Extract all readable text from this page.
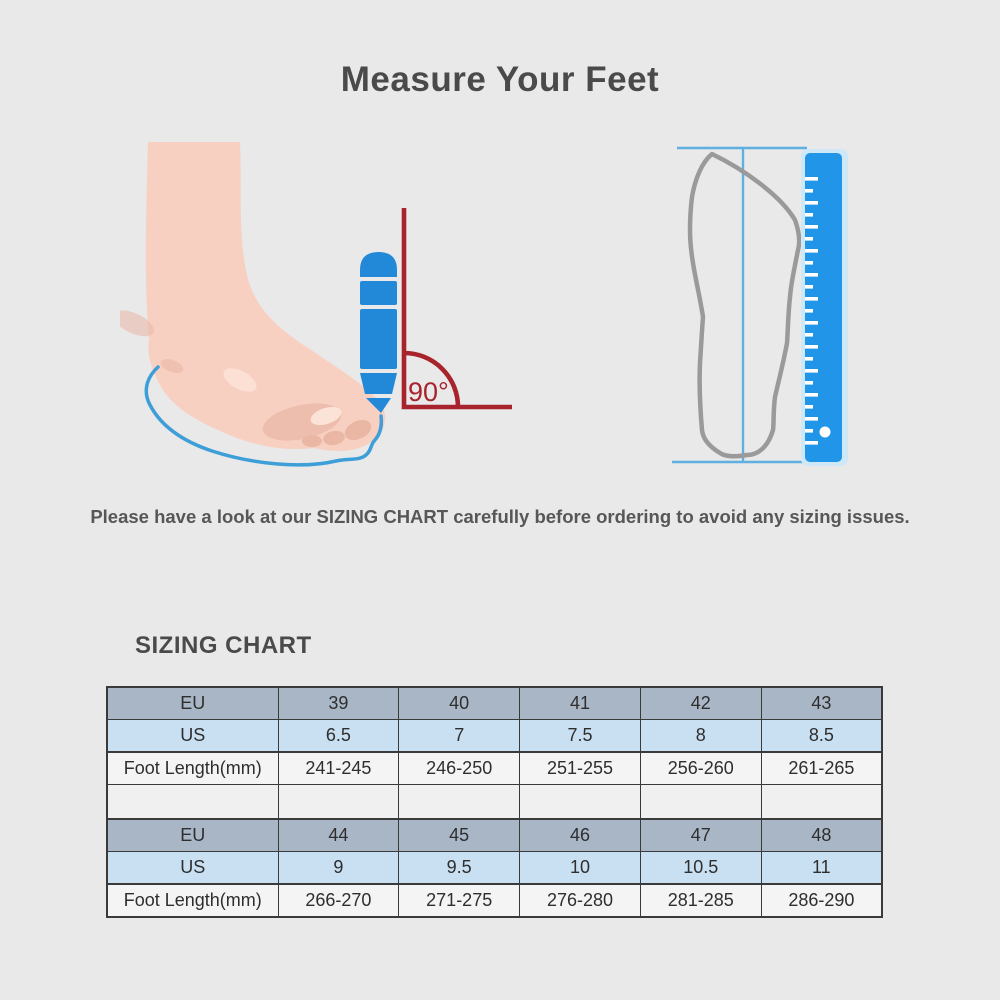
Measure Your Feet
90°

Please have a look at our SIZING CHART carefully before ordering to avoid any sizing issues.

SIZING CHART
EU	39	40	41	42	43
US	6.5	7	7.5	8	8.5
Foot Length(mm)	241-245	246-250	251-255	256-260	261-265

EU	44	45	46	47	48
US	9	9.5	10	10.5	11
Foot Length(mm)	266-270	271-275	276-280	281-285	286-290
